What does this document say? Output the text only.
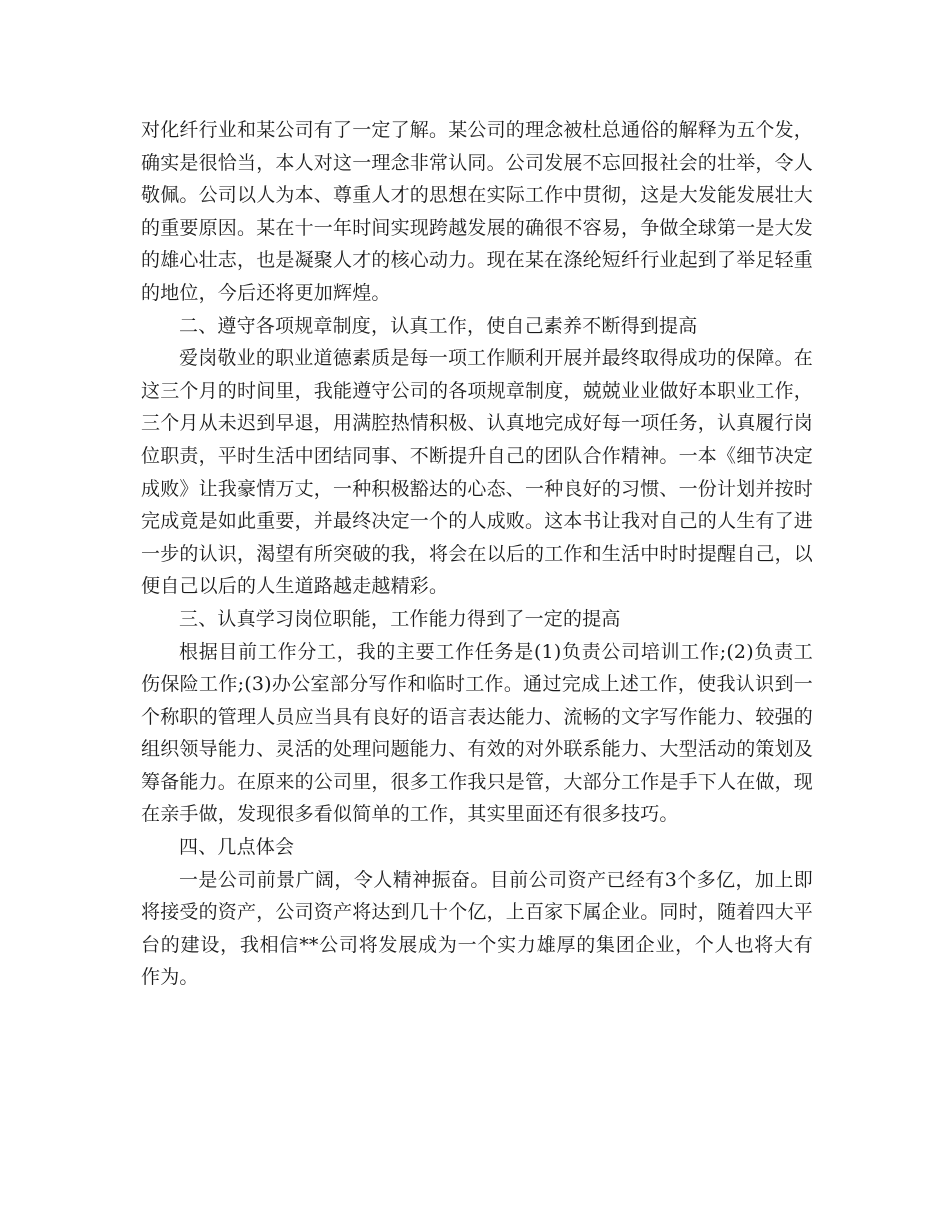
对化纤行业和某公司有了一定了解。某公司的理念被杜总通俗的解释为五个发，确实是很恰当，本人对这一理念非常认同。公司发展不忘回报社会的壮举，令人敬佩。公司以人为本、尊重人才的思想在实际工作中贯彻，这是大发能发展壮大的重要原因。某在十一年时间实现跨越发展的确很不容易，争做全球第一是大发的雄心壮志，也是凝聚人才的核心动力。现在某在涤纶短纤行业起到了举足轻重的地位，今后还将更加辉煌。

二、遵守各项规章制度，认真工作，使自己素养不断得到提高

爱岗敬业的职业道德素质是每一项工作顺利开展并最终取得成功的保障。在这三个月的时间里，我能遵守公司的各项规章制度，兢兢业业做好本职业工作，三个月从未迟到早退，用满腔热情积极、认真地完成好每一项任务，认真履行岗位职责，平时生活中团结同事、不断提升自己的团队合作精神。一本《细节决定成败》让我豪情万丈，一种积极豁达的心态、一种良好的习惯、一份计划并按时完成竟是如此重要，并最终决定一个的人成败。这本书让我对自己的人生有了进一步的认识，渴望有所突破的我，将会在以后的工作和生活中时时提醒自己，以便自己以后的人生道路越走越精彩。

三、认真学习岗位职能，工作能力得到了一定的提高

根据目前工作分工，我的主要工作任务是(1)负责公司培训工作;(2)负责工伤保险工作;(3)办公室部分写作和临时工作。通过完成上述工作，使我认识到一个称职的管理人员应当具有良好的语言表达能力、流畅的文字写作能力、较强的组织领导能力、灵活的处理问题能力、有效的对外联系能力、大型活动的策划及筹备能力。在原来的公司里，很多工作我只是管，大部分工作是手下人在做，现在亲手做，发现很多看似简单的工作，其实里面还有很多技巧。

四、几点体会

一是公司前景广阔，令人精神振奋。目前公司资产已经有3个多亿，加上即将接受的资产，公司资产将达到几十个亿，上百家下属企业。同时，随着四大平台的建设，我相信**公司将发展成为一个实力雄厚的集团企业，个人也将大有作为。
